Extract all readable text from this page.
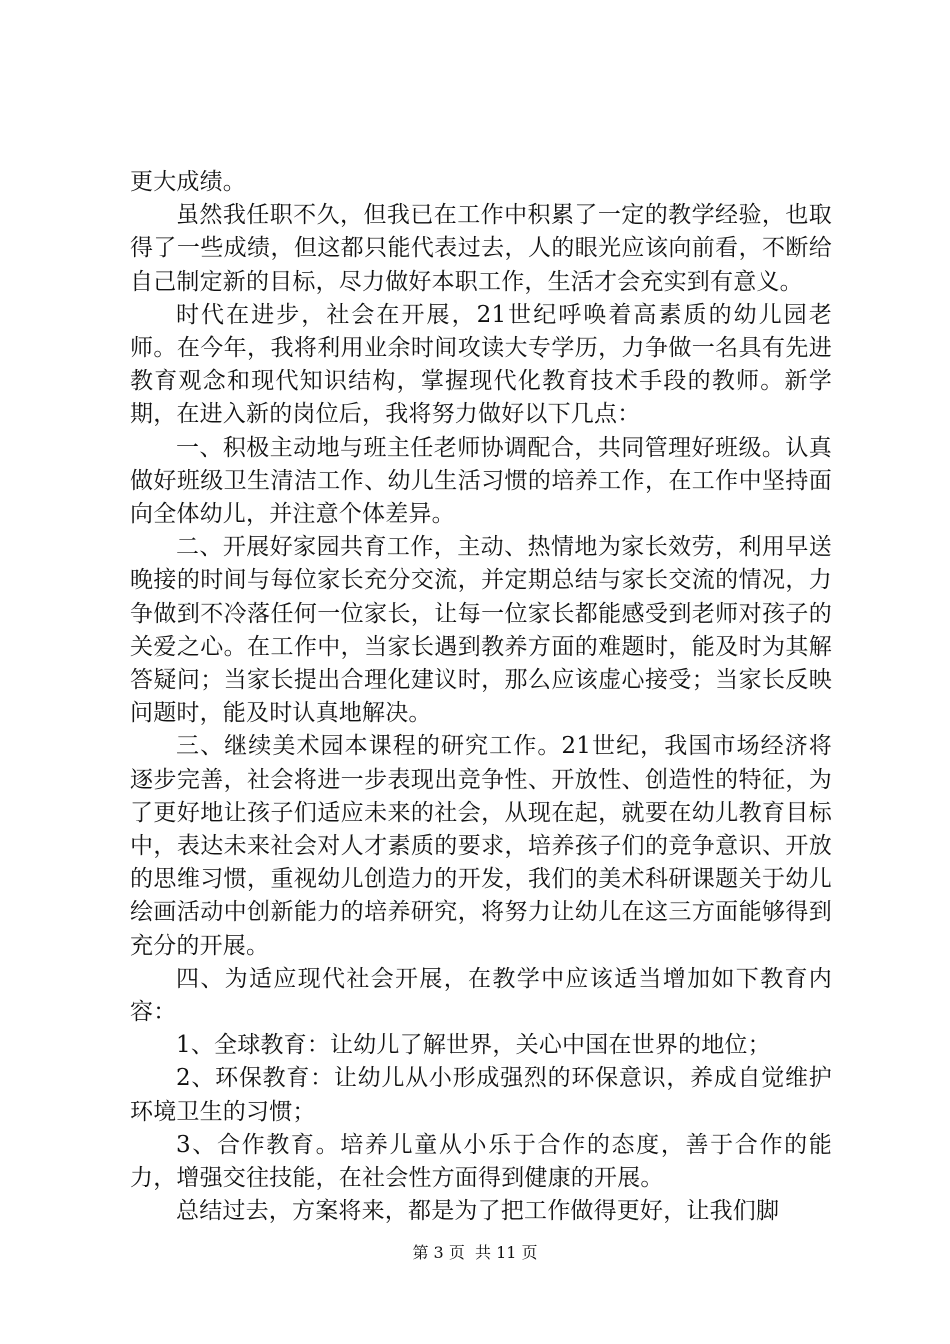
更大成绩。

虽然我任职不久，但我已在工作中积累了一定的教学经验，也取得了一些成绩，但这都只能代表过去，人的眼光应该向前看，不断给自己制定新的目标，尽力做好本职工作，生活才会充实到有意义。

时代在进步，社会在开展，21世纪呼唤着高素质的幼儿园老师。在今年，我将利用业余时间攻读大专学历，力争做一名具有先进教育观念和现代知识结构，掌握现代化教育技术手段的教师。新学期，在进入新的岗位后，我将努力做好以下几点：

一、积极主动地与班主任老师协调配合，共同管理好班级。认真做好班级卫生清洁工作、幼儿生活习惯的培养工作，在工作中坚持面向全体幼儿，并注意个体差异。

二、开展好家园共育工作，主动、热情地为家长效劳，利用早送晚接的时间与每位家长充分交流，并定期总结与家长交流的情况，力争做到不冷落任何一位家长，让每一位家长都能感受到老师对孩子的关爱之心。在工作中，当家长遇到教养方面的难题时，能及时为其解答疑问；当家长提出合理化建议时，那么应该虚心接受；当家长反映问题时，能及时认真地解决。

三、继续美术园本课程的研究工作。21世纪，我国市场经济将逐步完善，社会将进一步表现出竞争性、开放性、创造性的特征，为了更好地让孩子们适应未来的社会，从现在起，就要在幼儿教育目标中，表达未来社会对人才素质的要求，培养孩子们的竞争意识、开放的思维习惯，重视幼儿创造力的开发，我们的美术科研课题关于幼儿绘画活动中创新能力的培养研究，将努力让幼儿在这三方面能够得到充分的开展。

四、为适应现代社会开展，在教学中应该适当增加如下教育内容：

1、全球教育：让幼儿了解世界，关心中国在世界的地位；

2、环保教育：让幼儿从小形成强烈的环保意识，养成自觉维护环境卫生的习惯；

3、合作教育。培养儿童从小乐于合作的态度，善于合作的能力，增强交往技能，在社会性方面得到健康的开展。

总结过去，方案将来，都是为了把工作做得更好，让我们脚

第 3 页  共 11 页
